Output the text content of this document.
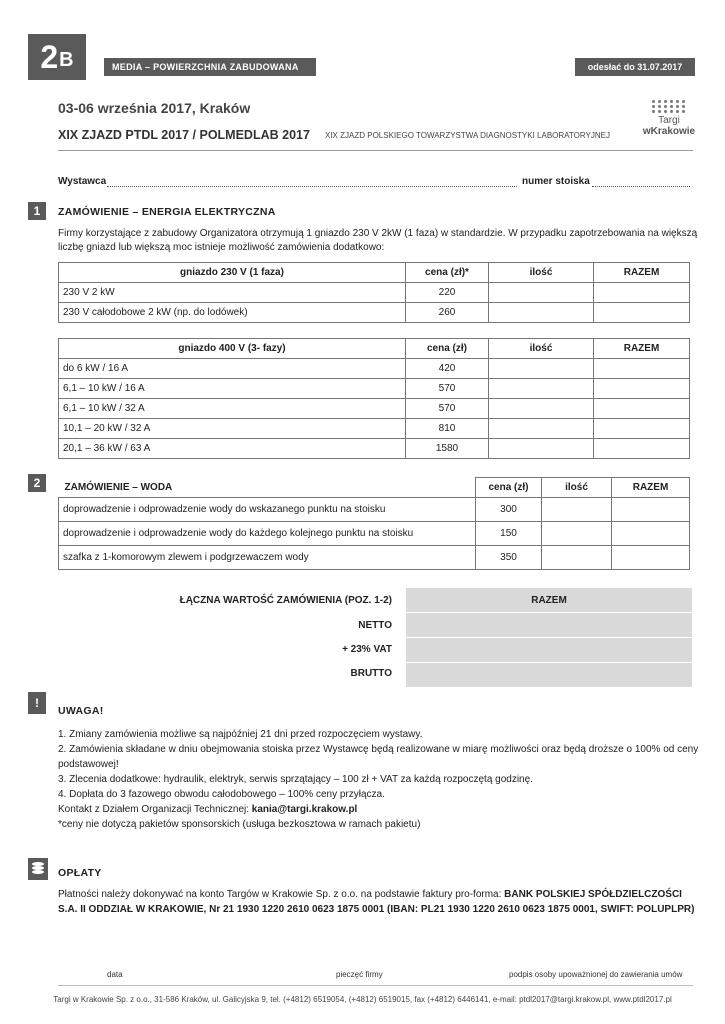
2 B	MEDIA – POWIERZCHNIA ZABUDOWANA	odesłać do 31.07.2017
03-06 września 2017, Kraków
XIX ZJAZD PTDL 2017 / POLMEDLAB 2017 XIX ZJAZD POLSKIEGO TOWARZYSTWA DIAGNOSTYKI LABORATORYJNEJ
Targi
wKrakowie
Wystawca	numer stoiska
1	ZAMÓWIENIE – ENERGIA ELEKTRYCZNA
Firmy korzystające z zabudowy Organizatora otrzymują 1 gniazdo 230 V 2kW (1 faza) w standardzie. W przypadku zapotrzebowania na większą liczbę gniazd lub większą moc istnieje możliwość zamówienia dodatkowo:
gniazdo 230 V (1 faza)	cena (zł)*	ilość	RAZEM
230 V 2 kW	220		
230 V całodobowe 2 kW (np. do lodówek)	260		
gniazdo 400 V (3- fazy)	cena (zł)	ilość	RAZEM
do 6 kW / 16 A	420		
6,1 – 10 kW / 16 A	570		
6,1 – 10 kW / 32 A	570		
10,1 – 20 kW / 32 A	810		
20,1 – 36 kW / 63 A	1580		
2	ZAMÓWIENIE – WODA	cena (zł)	ilość	RAZEM
doprowadzenie i odprowadzenie wody do wskazanego punktu na stoisku	300		
doprowadzenie i odprowadzenie wody do każdego kolejnego punktu na stoisku	150		
szafka z 1-komorowym zlewem i podgrzewaczem wody	350		
ŁĄCZNA WARTOŚĆ ZAMÓWIENIA (POZ. 1-2)	RAZEM
NETTO
+ 23% VAT
BRUTTO
!
UWAGA!
1. Zmiany zamówienia możliwe są najpóźniej 21 dni przed rozpoczęciem wystawy.
2. Zamówienia składane w dniu obejmowania stoiska przez Wystawcę będą realizowane w miarę możliwości oraz będą droższe o 100% od ceny podstawowej!
3. Zlecenia dodatkowe: hydraulik, elektryk, serwis sprzątający – 100 zł + VAT za każdą rozpoczętą godzinę.
4. Dopłata do 3 fazowego obwodu całodobowego – 100% ceny przyłącza.
Kontakt z Działem Organizacji Technicznej: kania@targi.krakow.pl
*ceny nie dotyczą pakietów sponsorskich (usługa bezkosztowa w ramach pakietu)
OPŁATY
Płatności należy dokonywać na konto Targów w Krakowie Sp. z o.o. na podstawie faktury pro-forma: BANK POLSKIEJ SPÓŁDZIELCZOŚCI S.A. II ODDZIAŁ W KRAKOWIE, Nr 21 1930 1220 2610 0623 1875 0001 (IBAN: PL21 1930 1220 2610 0623 1875 0001, SWIFT: POLUPLPR)
data	pieczęć firmy	podpis osoby upoważnionej do zawierania umów
Targi w Krakowie Sp. z o.o., 31-586 Kraków, ul. Galicyjska 9, tel. (+4812) 6519054, (+4812) 6519015, fax (+4812) 6446141, e-mail: ptdl2017@targi.krakow.pl, www.ptdl2017.pl
